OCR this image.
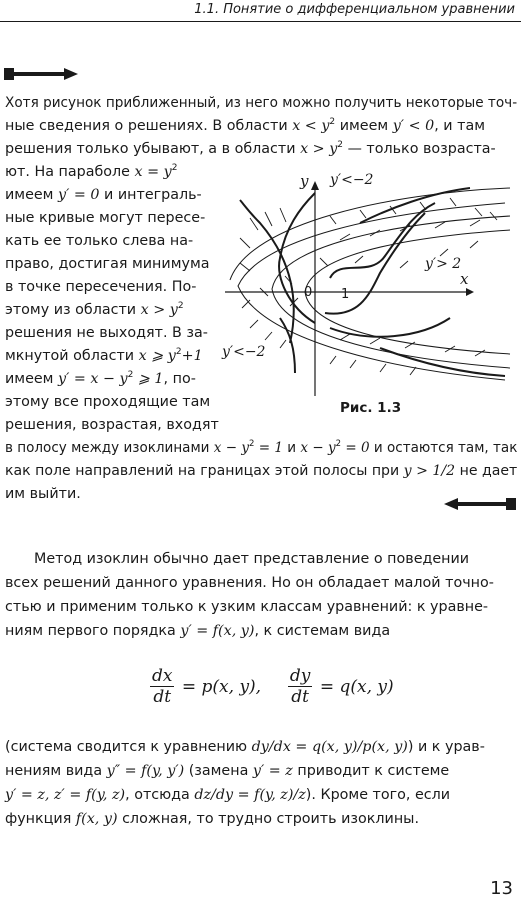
1.1. Понятие о дифференциальном уравнении
Хотя рисунок приближенный, из него можно получить некоторые точ-
ные сведения о решениях. В области $x < y^2$ имеем y′ < 0, и там
решения только убывают, а в области $x > y^2$ — только возраста-
ют. На параболе $x = y^2$
имеем y′ = 0 и интеграль-
ные кривые могут пересе-
кать ее только слева на-
право, достигая минимума
в точке пересечения. По-
этому из области $x > y^2$
решения не выходят. В за-
мкнутой области x ⩾ $y^2+1$
имеем $y' = x - y^2$ ⩾ 1, по-
этому все проходящие там
решения, возрастая, входят
в полосу между изоклинами $x - y^2 = 1$ и $x - y^2 = 0$ и остаются там, так
как поле направлений на границах этой полосы при y > 1/2 не дает
им выйти.
y
x
y′<−2
y′> 2
y′<−2
0 1
Рис. 1.3
Метод изоклин обычно дает представление о поведении
всех решений данного уравнения. Но он обладает малой точно-
стью и применим только к узким классам уравнений: к уравне-
ниям первого порядка y′ = f(x, y), к системам вида
$\frac{dx}{dt} = p(x$, y), $\frac{dy}{dt} = q(x$, y)
(система сводится к уравнению dy/dx = q(x, y)/p(x, y)) и к урав-
нениям вида y″ = f(y, y′) (замена y′ = z приводит к системе
y′ = z, z′ = f(y, z), отсюда dz/dy = f(y, z)/z). Кроме того, если
функция f(x, y) сложная, то трудно строить изоклины.
13
